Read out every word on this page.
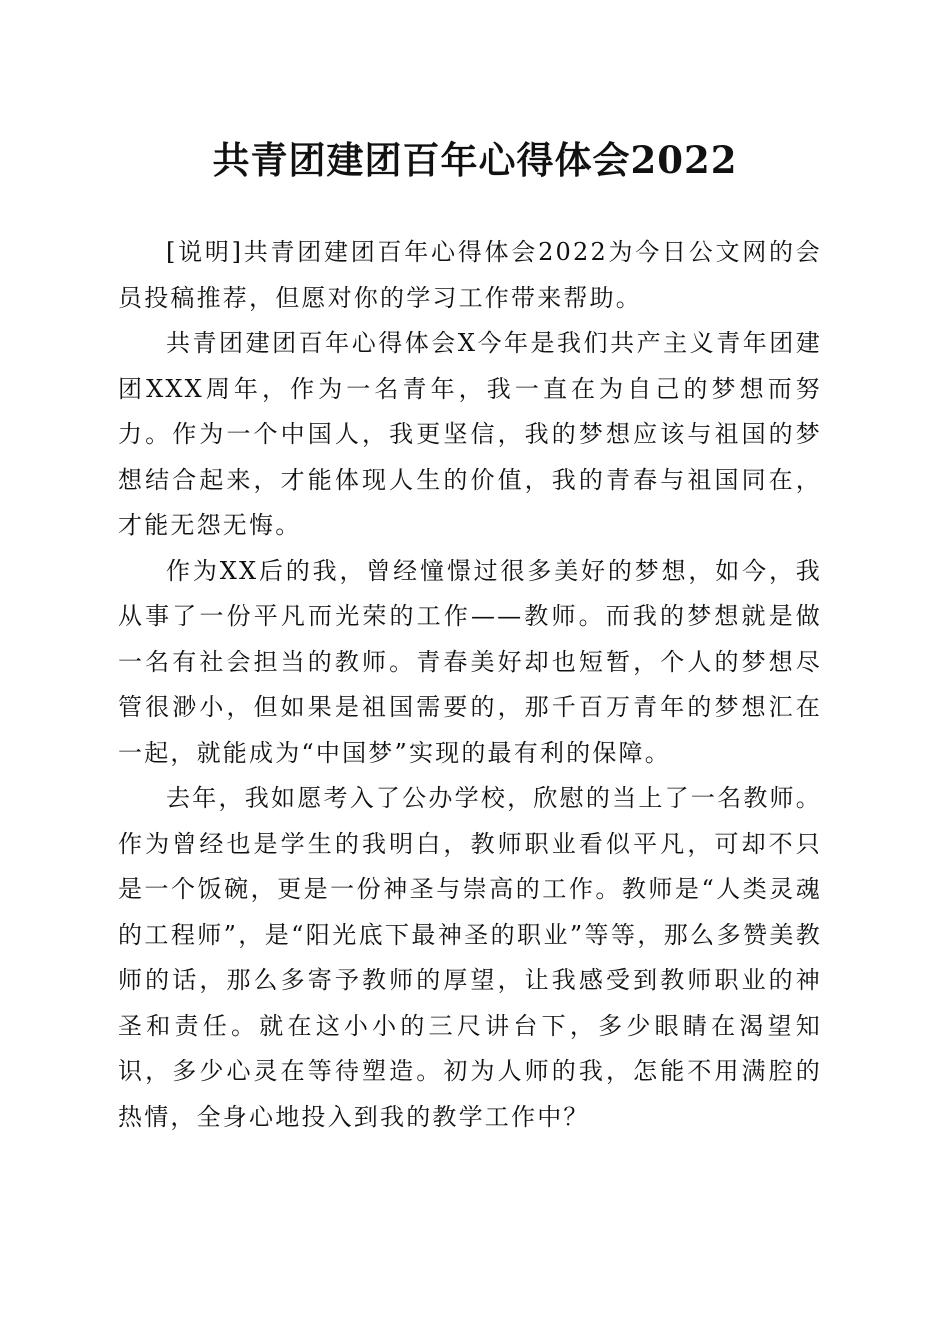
共青团建团百年心得体会2022

[说明]共青团建团百年心得体会2022为今日公文网的会员投稿推荐，但愿对你的学习工作带来帮助。

共青团建团百年心得体会X今年是我们共产主义青年团建团XXX周年，作为一名青年，我一直在为自己的梦想而努力。作为一个中国人，我更坚信，我的梦想应该与祖国的梦想结合起来，才能体现人生的价值，我的青春与祖国同在，才能无怨无悔。

作为XX后的我，曾经憧憬过很多美好的梦想，如今，我从事了一份平凡而光荣的工作——教师。而我的梦想就是做一名有社会担当的教师。青春美好却也短暂，个人的梦想尽管很渺小，但如果是祖国需要的，那千百万青年的梦想汇在一起，就能成为“中国梦”实现的最有利的保障。

去年，我如愿考入了公办学校，欣慰的当上了一名教师。作为曾经也是学生的我明白，教师职业看似平凡，可却不只是一个饭碗，更是一份神圣与崇高的工作。教师是“人类灵魂的工程师”，是“阳光底下最神圣的职业”等等，那么多赞美教师的话，那么多寄予教师的厚望，让我感受到教师职业的神圣和责任。就在这小小的三尺讲台下，多少眼睛在渴望知识，多少心灵在等待塑造。初为人师的我，怎能不用满腔的热情，全身心地投入到我的教学工作中？
